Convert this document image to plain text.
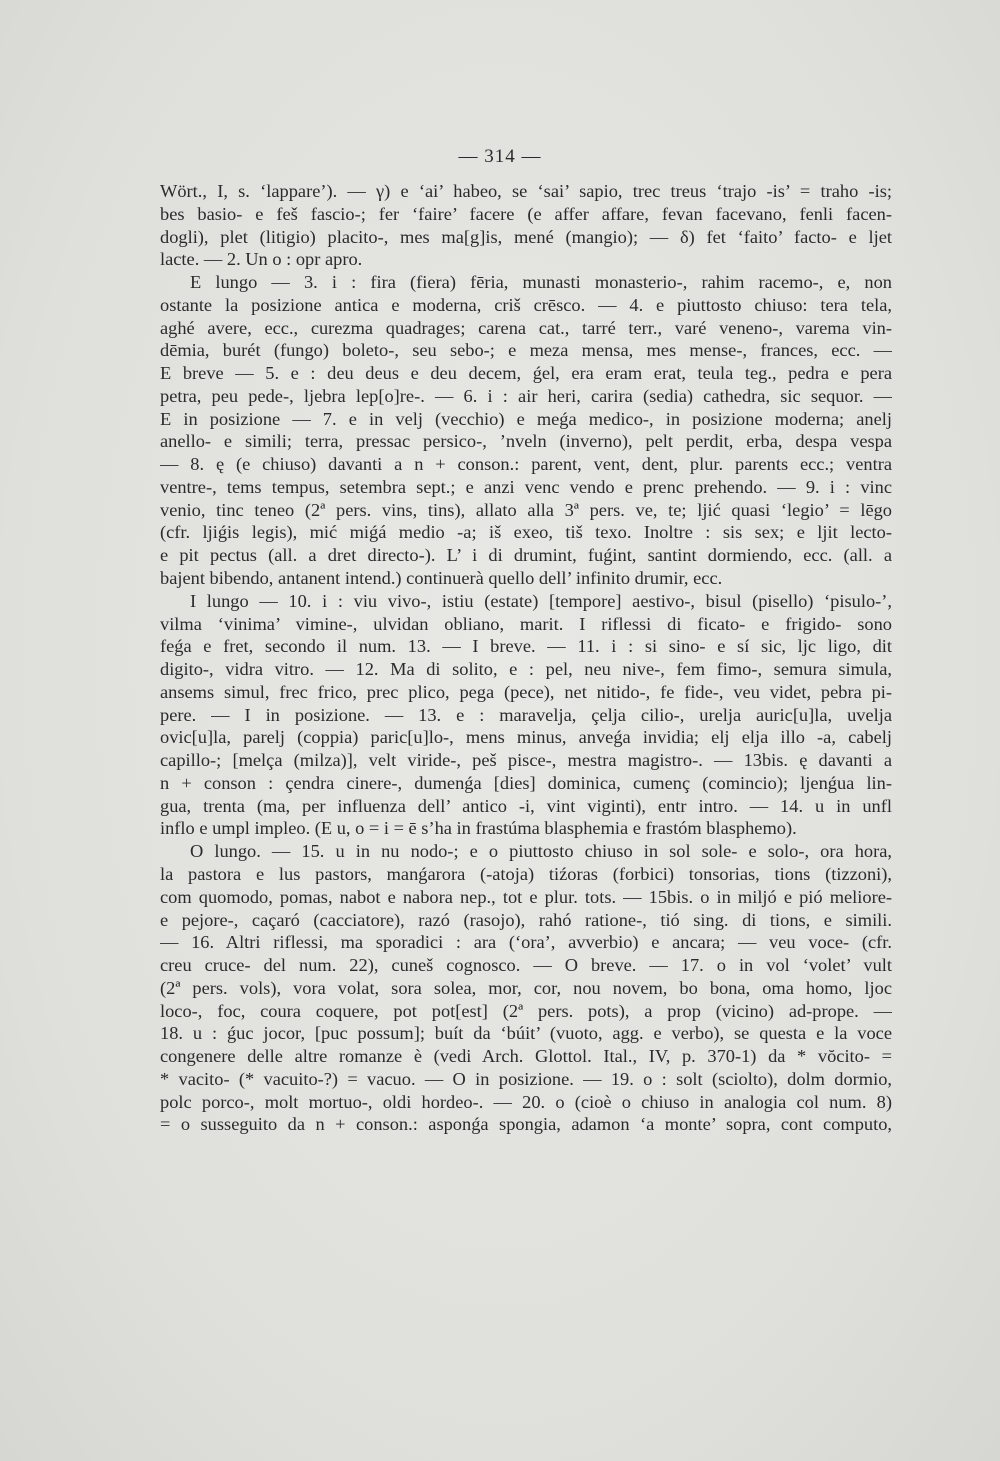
— 314 —
Wört., I, s. ‘lappare’). — γ) e ‘ai’ habeo, se ‘sai’ sapio, trec treus ‘trajo -is’ = traho -is;
bes basio- e feš fascio-; fer ‘faire’ facere (e affer affare, fevan facevano, fenli facen-
dogli), plet (litigio) placito-, mes ma[g]is, mené (mangio); — δ) fet ‘faito’ facto- e ljet
lacte. — 2. Un o : opr apro.
E lungo — 3. i : fira (fiera) fēria, munasti monasterio-, rahim racemo-, e, non
ostante la posizione antica e moderna, criš crēsco. — 4. e piuttosto chiuso: tera tela,
aghé avere, ecc., curezma quadrages; carena cat., tarré terr., varé veneno-, varema vin-
dēmia, burét (fungo) boleto-, seu sebo-; e meza mensa, mes mense-, frances, ecc. —
E breve — 5. e : deu deus e deu decem, ǵel, era eram erat, teula teg., pedra e pera
petra, peu pede-, ljebra lep[o]re-. — 6. i : air heri, carira (sedia) cathedra, sic sequor. —
E in posizione — 7. e in velj (vecchio) e meǵa medico-, in posizione moderna; anelj
anello- e simili; terra, pressac persico-, ’nveln (inverno), pelt perdit, erba, despa vespa
— 8. ę (e chiuso) davanti a n + conson.: parent, vent, dent, plur. parents ecc.; ventra
ventre-, tems tempus, setembra sept.; e anzi venc vendo e prenc prehendo. — 9. i : vinc
venio, tinc teneo (2ª pers. vins, tins), allato alla 3ª pers. ve, te; ljić quasi ‘legio’ = lēgo
(cfr. ljiǵis legis), mić miǵá medio -a; iš exeo, tiš texo. Inoltre : sis sex; e ljit lecto-
e pit pectus (all. a dret directo-). L’ i di drumint, fuǵint, santint dormiendo, ecc. (all. a
bajent bibendo, antanent intend.) continuerà quello dell’ infinito drumir, ecc.
I lungo — 10. i : viu vivo-, istiu (estate) [tempore] aestivo-, bisul (pisello) ‘pisulo-’,
vilma ‘vinima’ vimine-, ulvidan obliano, marit. I riflessi di ficato- e frigido- sono
feǵa e fret, secondo il num. 13. — I breve. — 11. i : si sino- e sí sic, ljc ligo, dit
digito-, vidra vitro. — 12. Ma di solito, e : pel, neu nive-, fem fimo-, semura simula,
ansems simul, frec frico, prec plico, pega (pece), net nitido-, fe fide-, veu videt, pebra pi-
pere. — I in posizione. — 13. e : maravelja, çelja cilio-, urelja auric[u]la, uvelja
ovic[u]la, parelj (coppia) paric[u]lo-, mens minus, anveǵa invidia; elj elja illo -a, cabelj
capillo-; [melça (milza)], velt viride-, peš pisce-, mestra magistro-. — 13bis. ę davanti a
n + conson : çendra cinere-, dumenǵa [dies] dominica, cumenç (comincio); ljenǵua lin-
gua, trenta (ma, per influenza dell’ antico -i, vint viginti), entr intro. — 14. u in unfl
inflo e umpl impleo. (E u, o = i = ē s’ha in frastúma blasphemia e frastóm blasphemo).
O lungo. — 15. u in nu nodo-; e o piuttosto chiuso in sol sole- e solo-, ora hora,
la pastora e lus pastors, manǵarora (-atoja) tiźoras (forbici) tonsorias, tions (tizzoni),
com quomodo, pomas, nabot e nabora nep., tot e plur. tots. — 15bis. o in miljó e pió meliore-
e pejore-, caçaró (cacciatore), razó (rasojo), rahó ratione-, tió sing. di tions, e simili.
— 16. Altri riflessi, ma sporadici : ara (‘ora’, avverbio) e ancara; — veu voce- (cfr.
creu cruce- del num. 22), cuneš cognosco. — O breve. — 17. o in vol ‘volet’ vult
(2ª pers. vols), vora volat, sora solea, mor, cor, nou novem, bo bona, oma homo, ljoc
loco-, foc, coura coquere, pot pot[est] (2ª pers. pots), a prop (vicino) ad-prope. —
18. u : ǵuc jocor, [puc possum]; buít da ‘búit’ (vuoto, agg. e verbo), se questa e la voce
congenere delle altre romanze è (vedi Arch. Glottol. Ital., IV, p. 370-1) da * vŏcito- =
* vacito- (* vacuito-?) = vacuo. — O in posizione. — 19. o : solt (sciolto), dolm dormio,
polc porco-, molt mortuo-, oldi hordeo-. — 20. o (cioè o chiuso in analogia col num. 8)
= o susseguito da n + conson.: asponǵa spongia, adamon ‘a monte’ sopra, cont computo,
